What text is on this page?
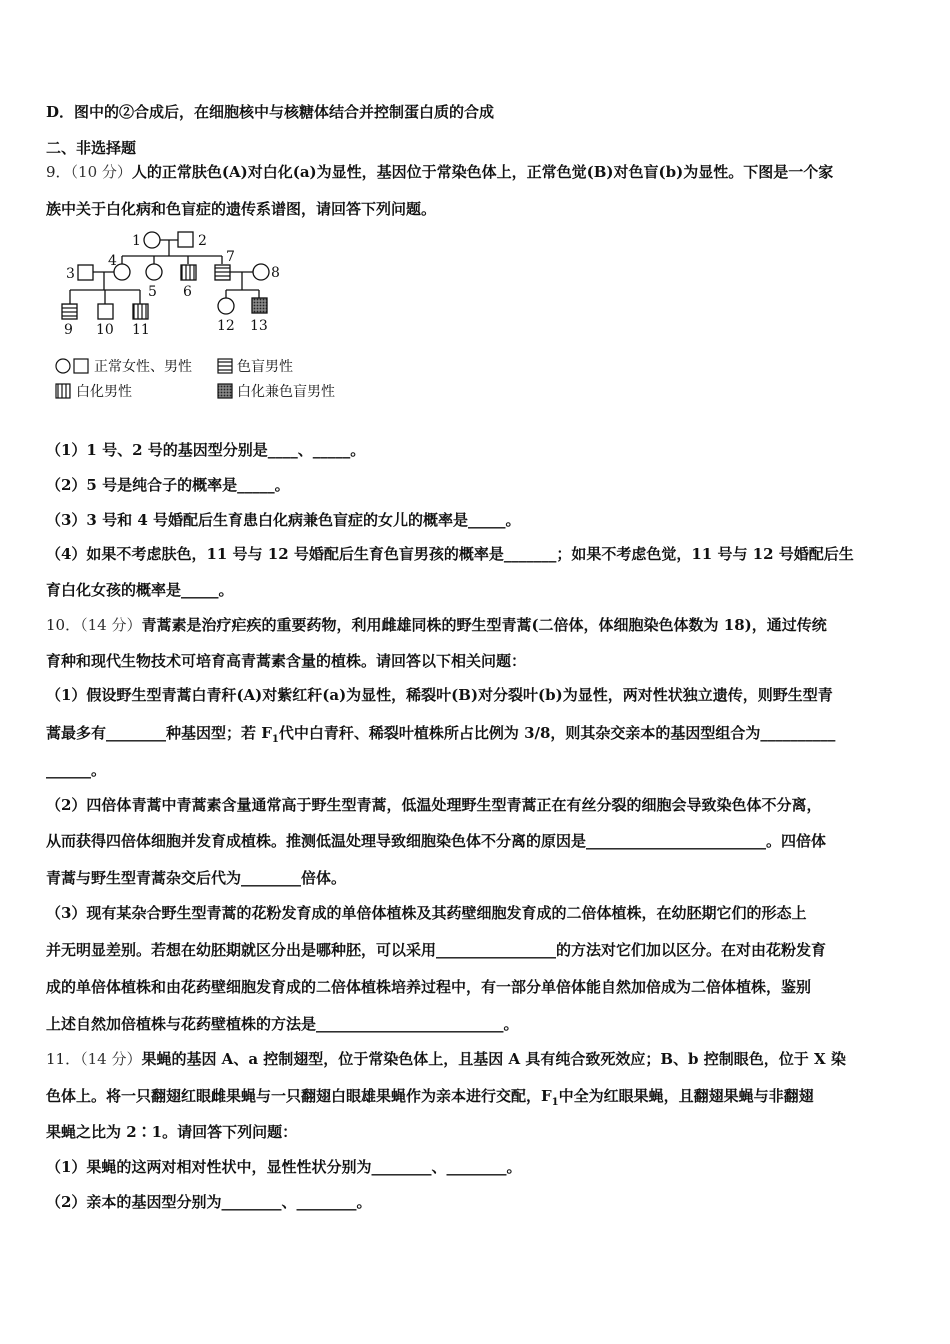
D．图中的②合成后，在细胞核中与核糖体结合并控制蛋白质的合成
二、非选择题
9．（10 分）人的正常肤色(A)对白化(a)为显性，基因位于常染色体上，正常色觉(B)对色盲(b)为显性。下图是一个家
族中关于白化病和色盲症的遗传系谱图，请回答下列问题。
1	2
3
4
5 6
7
8
9 10 11	12 13
正常女性、男性	色盲男性
白化男性	白化兼色盲男性
（1）1 号、2 号的基因型分别是____、_____。
（2）5 号是纯合子的概率是_____。
（3）3 号和 4 号婚配后生育患白化病兼色盲症的女儿的概率是_____。
（4）如果不考虑肤色，11 号与 12 号婚配后生育色盲男孩的概率是_______；如果不考虑色觉，11 号与 12 号婚配后生
育白化女孩的概率是_____。
10．（14 分）青蒿素是治疗疟疾的重要药物，利用雌雄同株的野生型青蒿(二倍体，体细胞染色体数为 18)，通过传统
育种和现代生物技术可培育高青蒿素含量的植株。请回答以下相关问题：
（1）假设野生型青蒿白青秆(A)对紫红秆(a)为显性，稀裂叶(B)对分裂叶(b)为显性，两对性状独立遗传，则野生型青
蒿最多有________种基因型；若 $F_1$代中白青秆、稀裂叶植株所占比例为 3/8，则其杂交亲本的基因型组合为__________
______。
（2）四倍体青蒿中青蒿素含量通常高于野生型青蒿，低温处理野生型青蒿正在有丝分裂的细胞会导致染色体不分离，
从而获得四倍体细胞并发育成植株。推测低温处理导致细胞染色体不分离的原因是________________________。四倍体
青蒿与野生型青蒿杂交后代为________倍体。
（3）现有某杂合野生型青蒿的花粉发育成的单倍体植株及其药壁细胞发育成的二倍体植株，在幼胚期它们的形态上
并无明显差别。若想在幼胚期就区分出是哪种胚，可以采用________________的方法对它们加以区分。在对由花粉发育
成的单倍体植株和由花药壁细胞发育成的二倍体植株培养过程中，有一部分单倍体能自然加倍成为二倍体植株，鉴别
上述自然加倍植株与花药壁植株的方法是_________________________。
11．（14 分）果蝇的基因 A、a 控制翅型，位于常染色体上，且基因 A 具有纯合致死效应；B、b 控制眼色，位于 X 染
色体上。将一只翻翅红眼雌果蝇与一只翻翅白眼雄果蝇作为亲本进行交配，$F_1$中全为红眼果蝇，且翻翅果蝇与非翻翅
果蝇之比为 2∶1。请回答下列问题：
（1）果蝇的这两对相对性状中，显性性状分别为________、________。
（2）亲本的基因型分别为________、________。
